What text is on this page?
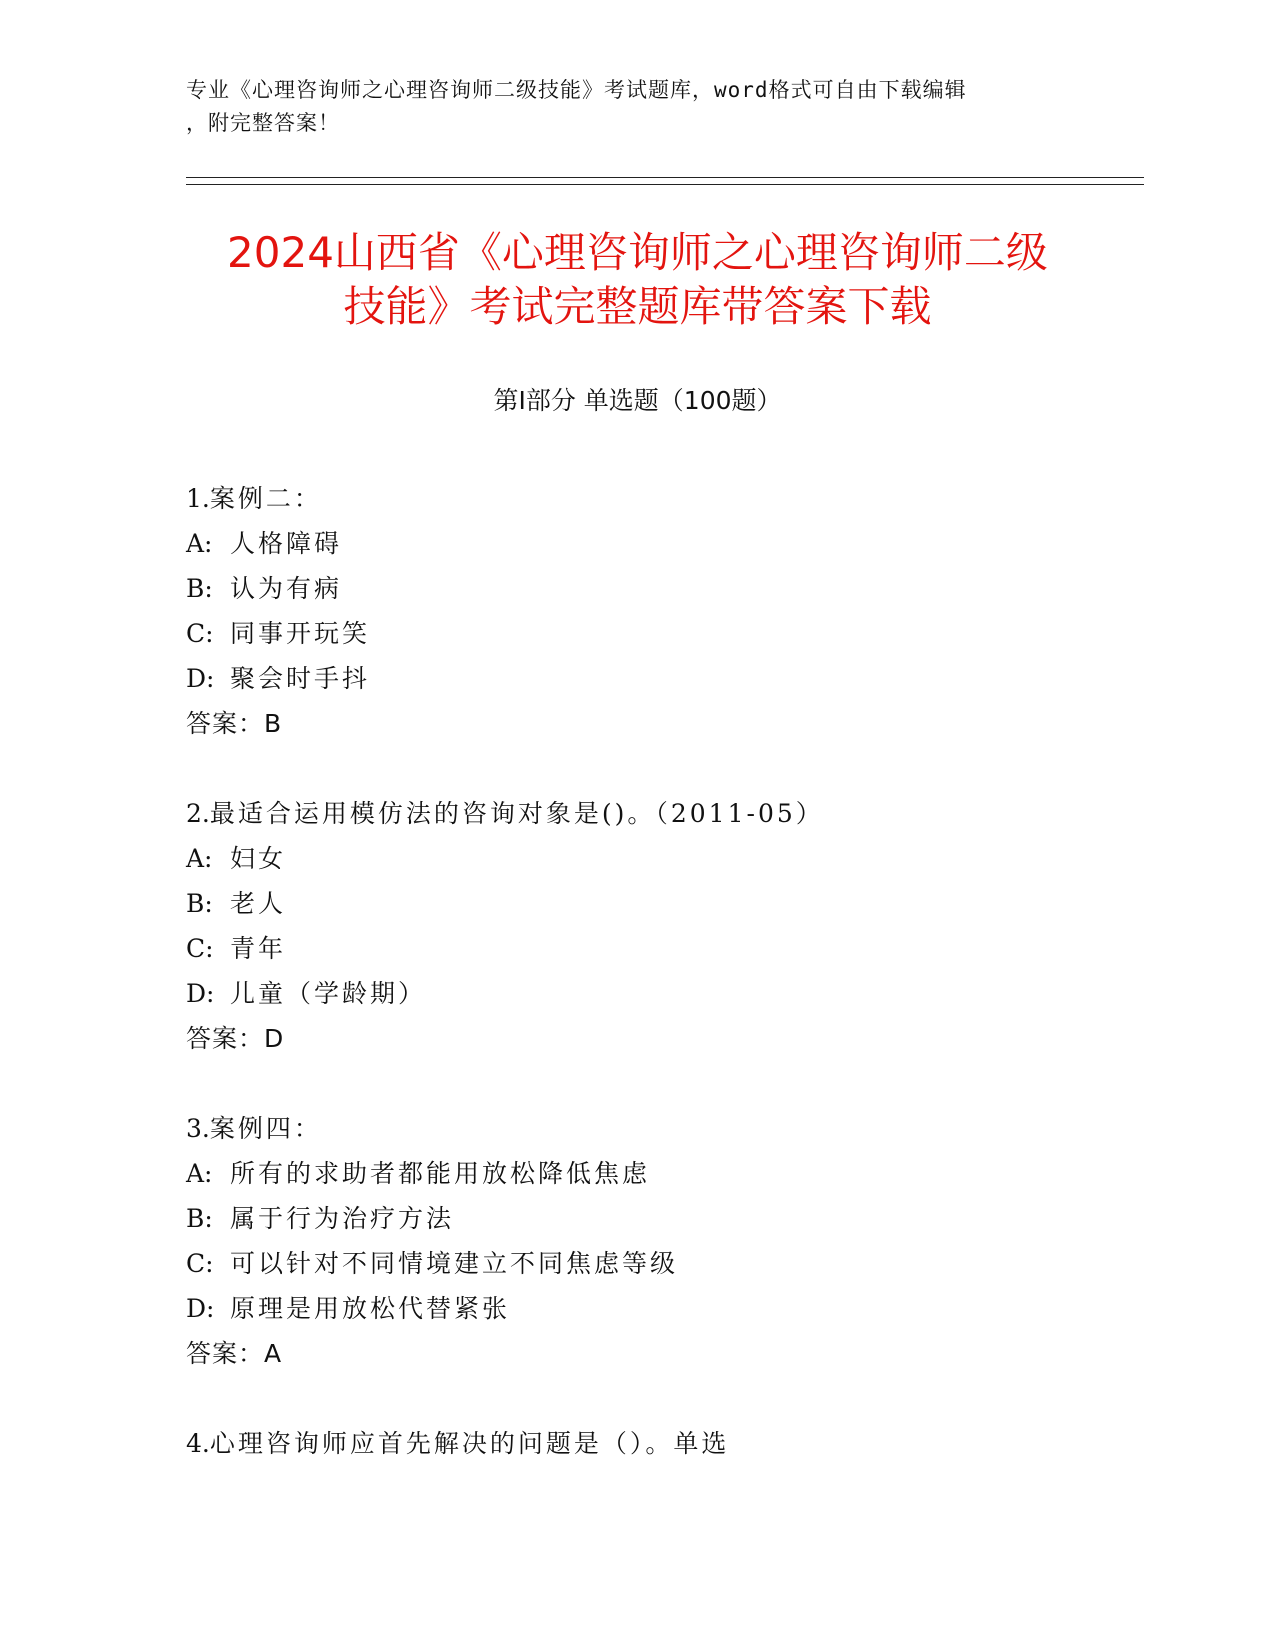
专业《心理咨询师之心理咨询师二级技能》考试题库，word格式可自由下载编辑
，附完整答案！
2024山西省《心理咨询师之心理咨询师二级
技能》考试完整题库带答案下载
第Ⅰ部分 单选题（100题）
1.案例二：
A: 人格障碍
B: 认为有病
C: 同事开玩笑
D: 聚会时手抖
答案：B
2.最适合运用模仿法的咨询对象是()。（2011-05）
A: 妇女
B: 老人
C: 青年
D: 儿童（学龄期）
答案：D
3.案例四：
A: 所有的求助者都能用放松降低焦虑
B: 属于行为治疗方法
C: 可以针对不同情境建立不同焦虑等级
D: 原理是用放松代替紧张
答案：A
4.心理咨询师应首先解决的问题是（）。单选
